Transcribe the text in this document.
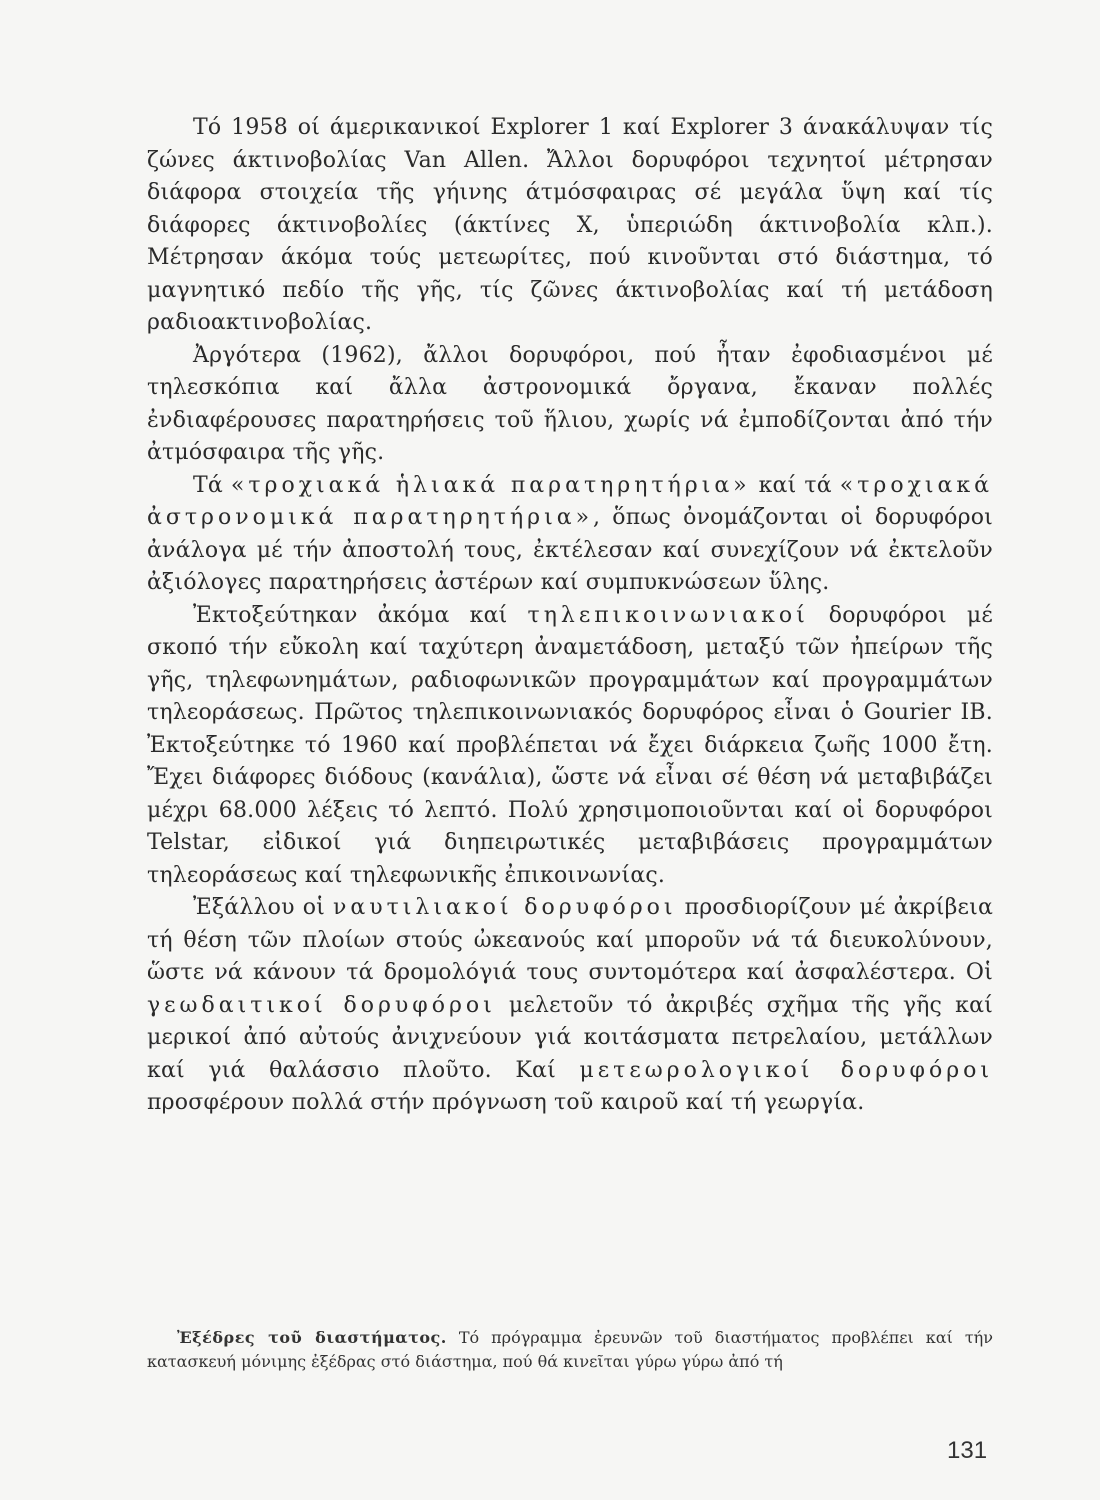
Τό 1958 οί άμερικανικοί Explorer 1 καί Explorer 3 άνακάλυψαν τίς ζώνες άκτινοβολίας Van Allen. Ἄλλοι δορυφόροι τεχνητοί μέτρησαν διάφορα στοιχεία τῆς γήινης άτμόσφαιρας σέ μεγάλα ὕψη καί τίς διάφορες άκτινοβολίες (άκτίνες Χ, ὑπεριώδη άκτινοβολία κλπ.). Μέτρησαν άκόμα τούς μετεωρίτες, πού κινοῦνται στό διάστημα, τό μαγνητικό πεδίο τῆς γῆς, τίς ζῶνες άκτινοβολίας καί τή μετάδοση ραδιοακτινοβολίας.

Ἀργότερα (1962), ἄλλοι δορυφόροι, πού ἦταν ἐφοδιασμένοι μέ τηλεσκόπια καί ἄλλα ἀστρονομικά ὄργανα, ἔκαναν πολλές ἐνδιαφέρουσες παρατηρήσεις τοῦ ἥλιου, χωρίς νά ἐμποδίζονται ἀπό τήν ἀτμόσφαιρα τῆς γῆς.

Τά «τροχιακά ἡλιακά παρατηρητήρια» καί τά «τροχιακά ἀστρονομικά παρατηρητήρια», ὅπως ὀνομάζονται οἱ δορυφόροι ἀνάλογα μέ τήν ἀποστολή τους, ἐκτέλεσαν καί συνεχίζουν νά ἐκτελοῦν ἀξιόλογες παρατηρήσεις ἀστέρων καί συμπυκνώσεων ὕλης.

Ἐκτοξεύτηκαν ἀκόμα καί τηλεπικοινωνιακοί δορυφόροι μέ σκοπό τήν εὔκολη καί ταχύτερη ἀναμετάδοση, μεταξύ τῶν ἠπείρων τῆς γῆς, τηλεφωνημάτων, ραδιοφωνικῶν προγραμμάτων καί προγραμμάτων τηλεοράσεως. Πρῶτος τηλεπικοινωνιακός δορυφόρος εἶναι ὁ Gourier IB. Ἐκτοξεύτηκε τό 1960 καί προβλέπεται νά ἔχει διάρκεια ζωῆς 1000 ἔτη. Ἔχει διάφορες διόδους (κανάλια), ὥστε νά εἶναι σέ θέση νά μεταβιβάζει μέχρι 68.000 λέξεις τό λεπτό. Πολύ χρησιμοποιοῦνται καί οἱ δορυφόροι Telstar, εἰδικοί γιά διηπειρωτικές μεταβιβάσεις προγραμμάτων τηλεοράσεως καί τηλεφωνικῆς ἐπικοινωνίας.

Ἐξάλλου οἱ ναυτιλιακοί δορυφόροι προσδιορίζουν μέ ἀκρίβεια τή θέση τῶν πλοίων στούς ὠκεανούς καί μποροῦν νά τά διευκολύνουν, ὥστε νά κάνουν τά δρομολόγιά τους συντομότερα καί ἀσφαλέστερα. Οἱ γεωδαιτικοί δορυφόροι μελετοῦν τό ἀκριβές σχῆμα τῆς γῆς καί μερικοί ἀπό αὐτούς ἀνιχνεύουν γιά κοιτάσματα πετρελαίου, μετάλλων καί γιά θαλάσσιο πλοῦτο. Καί μετεωρολογικοί δορυφόροι προσφέρουν πολλά στήν πρόγνωση τοῦ καιροῦ καί τή γεωργία.

Ἐξέδρες τοῦ διαστήματος. Τό πρόγραμμα ἐρευνῶν τοῦ διαστήματος προβλέπει καί τήν κατασκευή μόνιμης ἐξέδρας στό διάστημα, πού θά κινεῖται γύρω γύρω ἀπό τή

131
